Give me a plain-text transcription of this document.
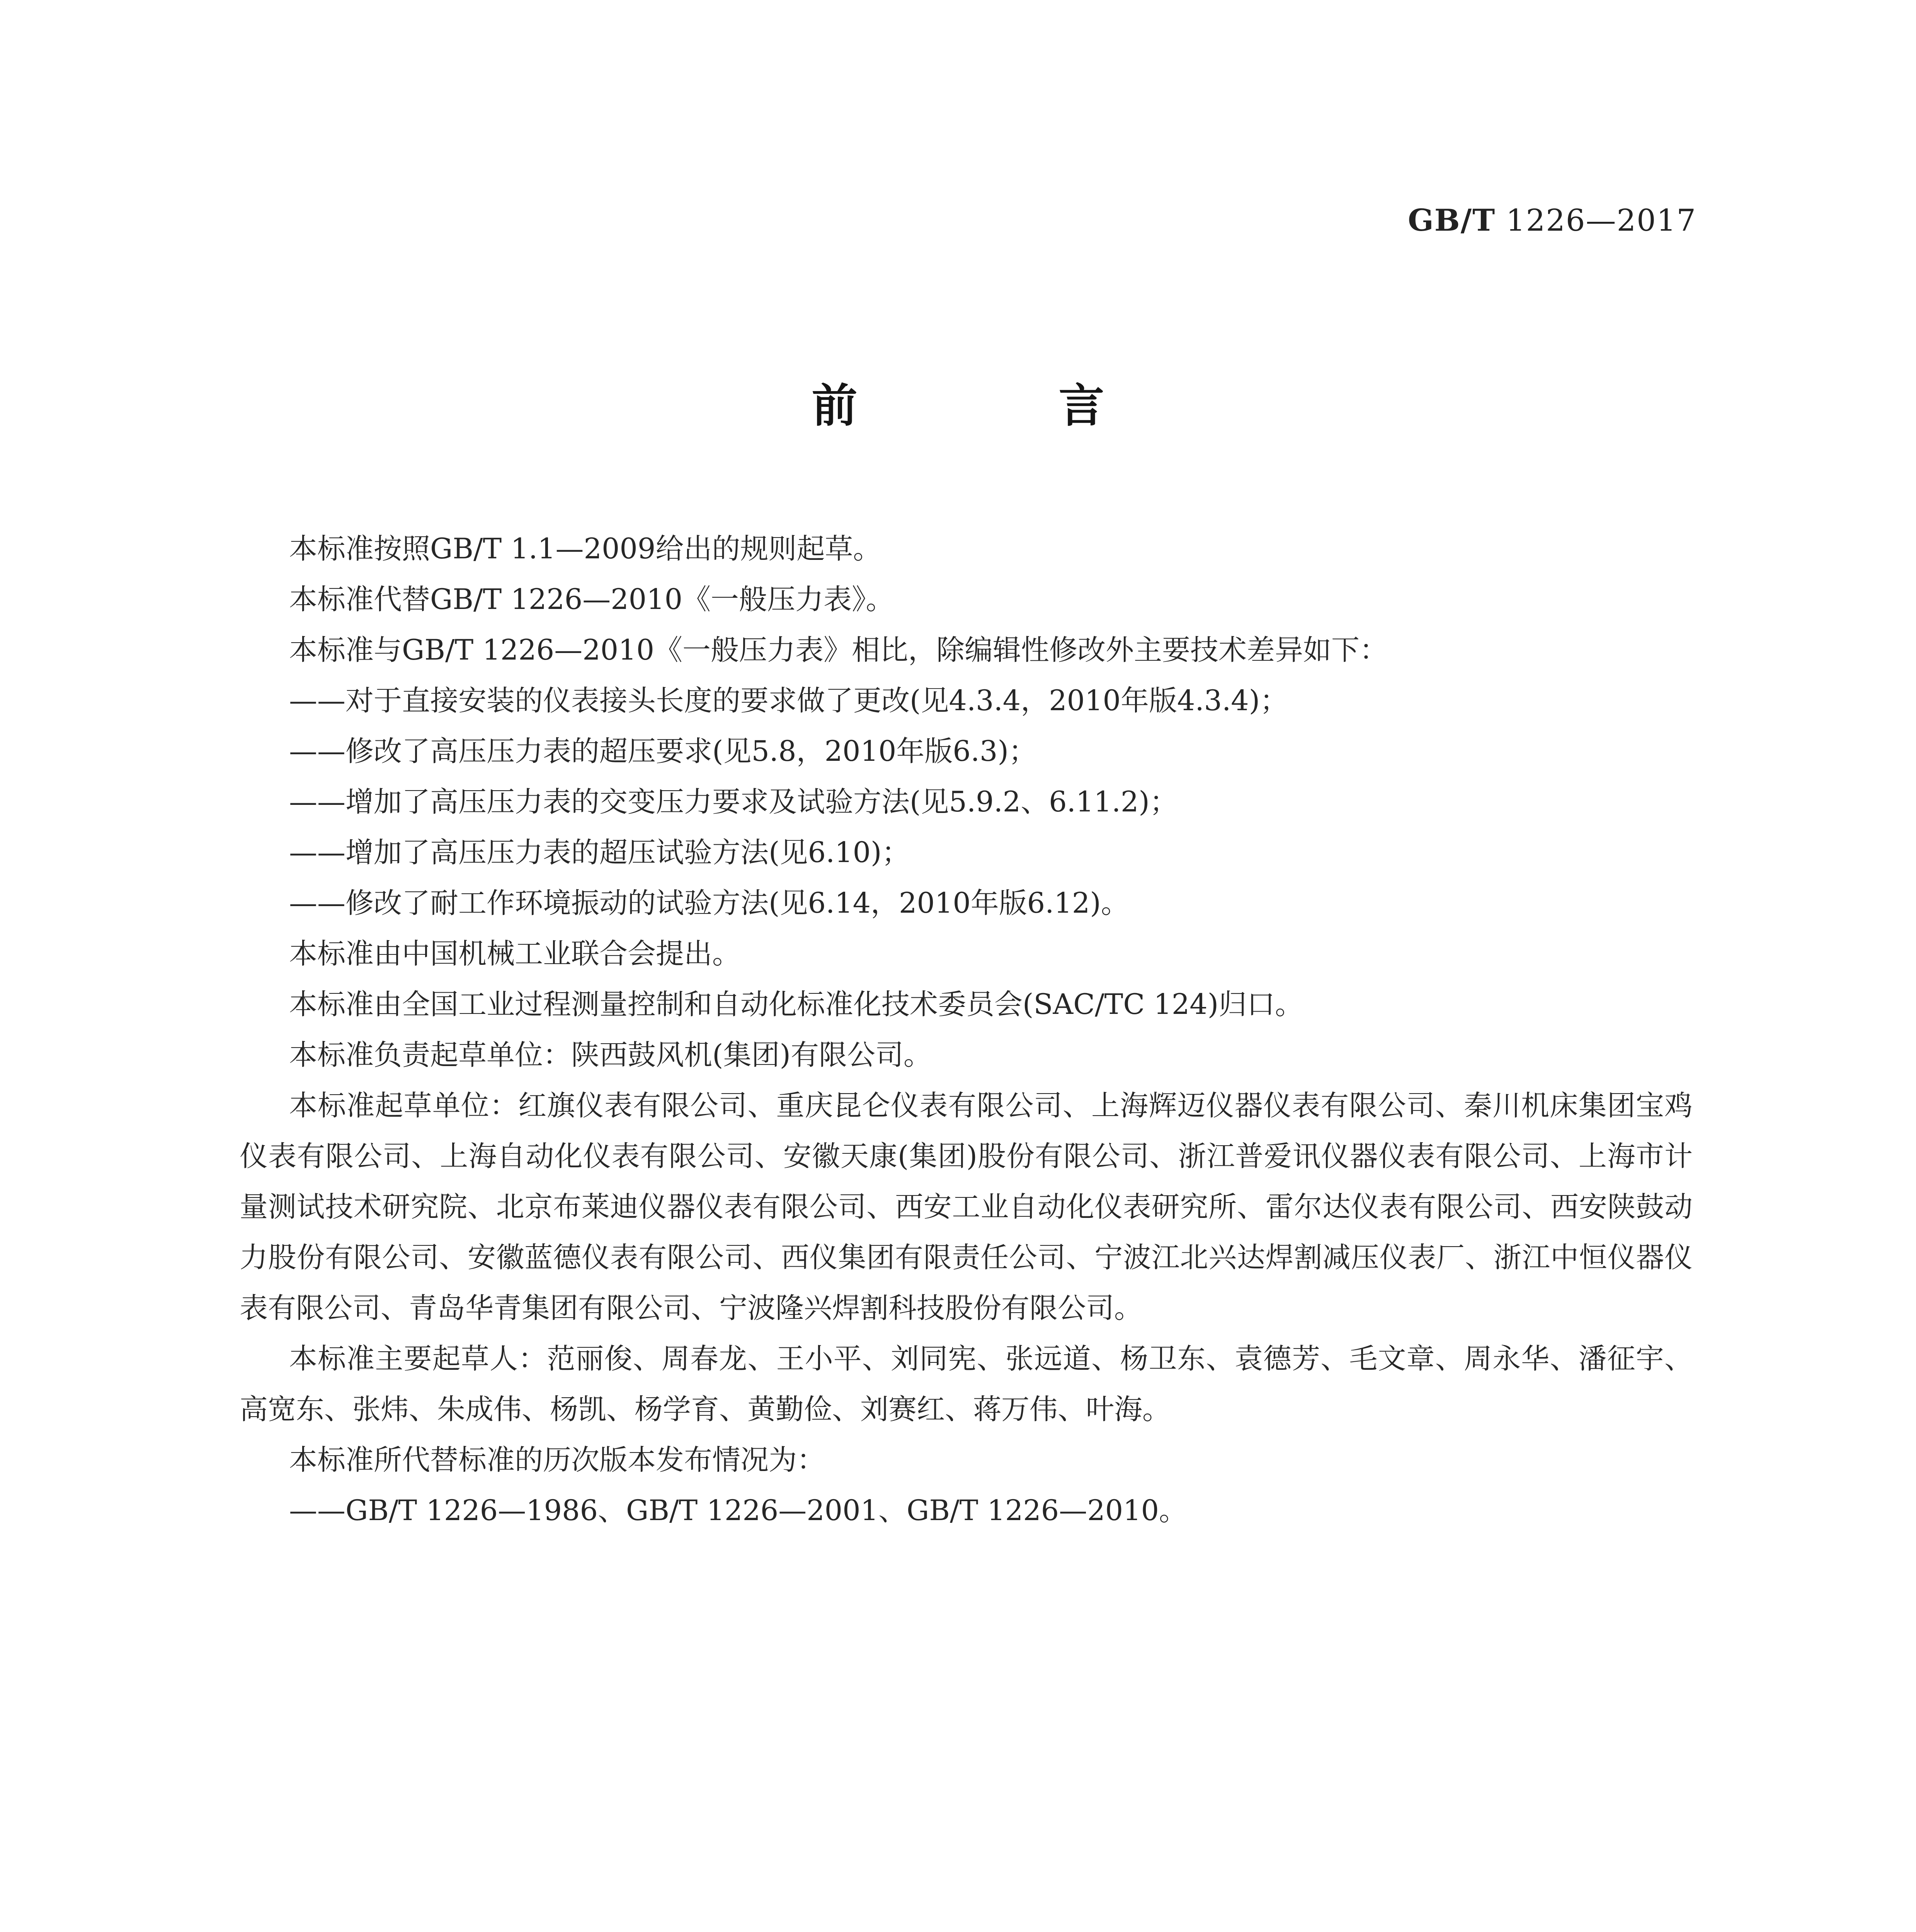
GB/T 1226—2017
前 言

本标准按照GB/T 1.1—2009给出的规则起草。

本标准代替GB/T 1226—2010《一般压力表》。

本标准与GB/T 1226—2010《一般压力表》相比，除编辑性修改外主要技术差异如下：

——对于直接安装的仪表接头长度的要求做了更改(见4.3.4，2010年版4.3.4)；

——修改了高压压力表的超压要求(见5.8，2010年版6.3)；

——增加了高压压力表的交变压力要求及试验方法(见5.9.2、6.11.2)；

——增加了高压压力表的超压试验方法(见6.10)；

——修改了耐工作环境振动的试验方法(见6.14，2010年版6.12)。

本标准由中国机械工业联合会提出。

本标准由全国工业过程测量控制和自动化标准化技术委员会(SAC/TC 124)归口。

本标准负责起草单位：陕西鼓风机(集团)有限公司。

本标准起草单位：红旗仪表有限公司、重庆昆仑仪表有限公司、上海辉迈仪器仪表有限公司、秦川机床集团宝鸡仪表有限公司、上海自动化仪表有限公司、安徽天康(集团)股份有限公司、浙江普爱讯仪器仪表有限公司、上海市计量测试技术研究院、北京布莱迪仪器仪表有限公司、西安工业自动化仪表研究所、雷尔达仪表有限公司、西安陕鼓动力股份有限公司、安徽蓝德仪表有限公司、西仪集团有限责任公司、宁波江北兴达焊割减压仪表厂、浙江中恒仪器仪表有限公司、青岛华青集团有限公司、宁波隆兴焊割科技股份有限公司。

本标准主要起草人：范丽俊、周春龙、王小平、刘同宪、张远道、杨卫东、袁德芳、毛文章、周永华、潘征宇、高宽东、张炜、朱成伟、杨凯、杨学育、黄勤俭、刘赛红、蒋万伟、叶海。

本标准所代替标准的历次版本发布情况为：

——GB/T 1226—1986、GB/T 1226—2001、GB/T 1226—2010。
